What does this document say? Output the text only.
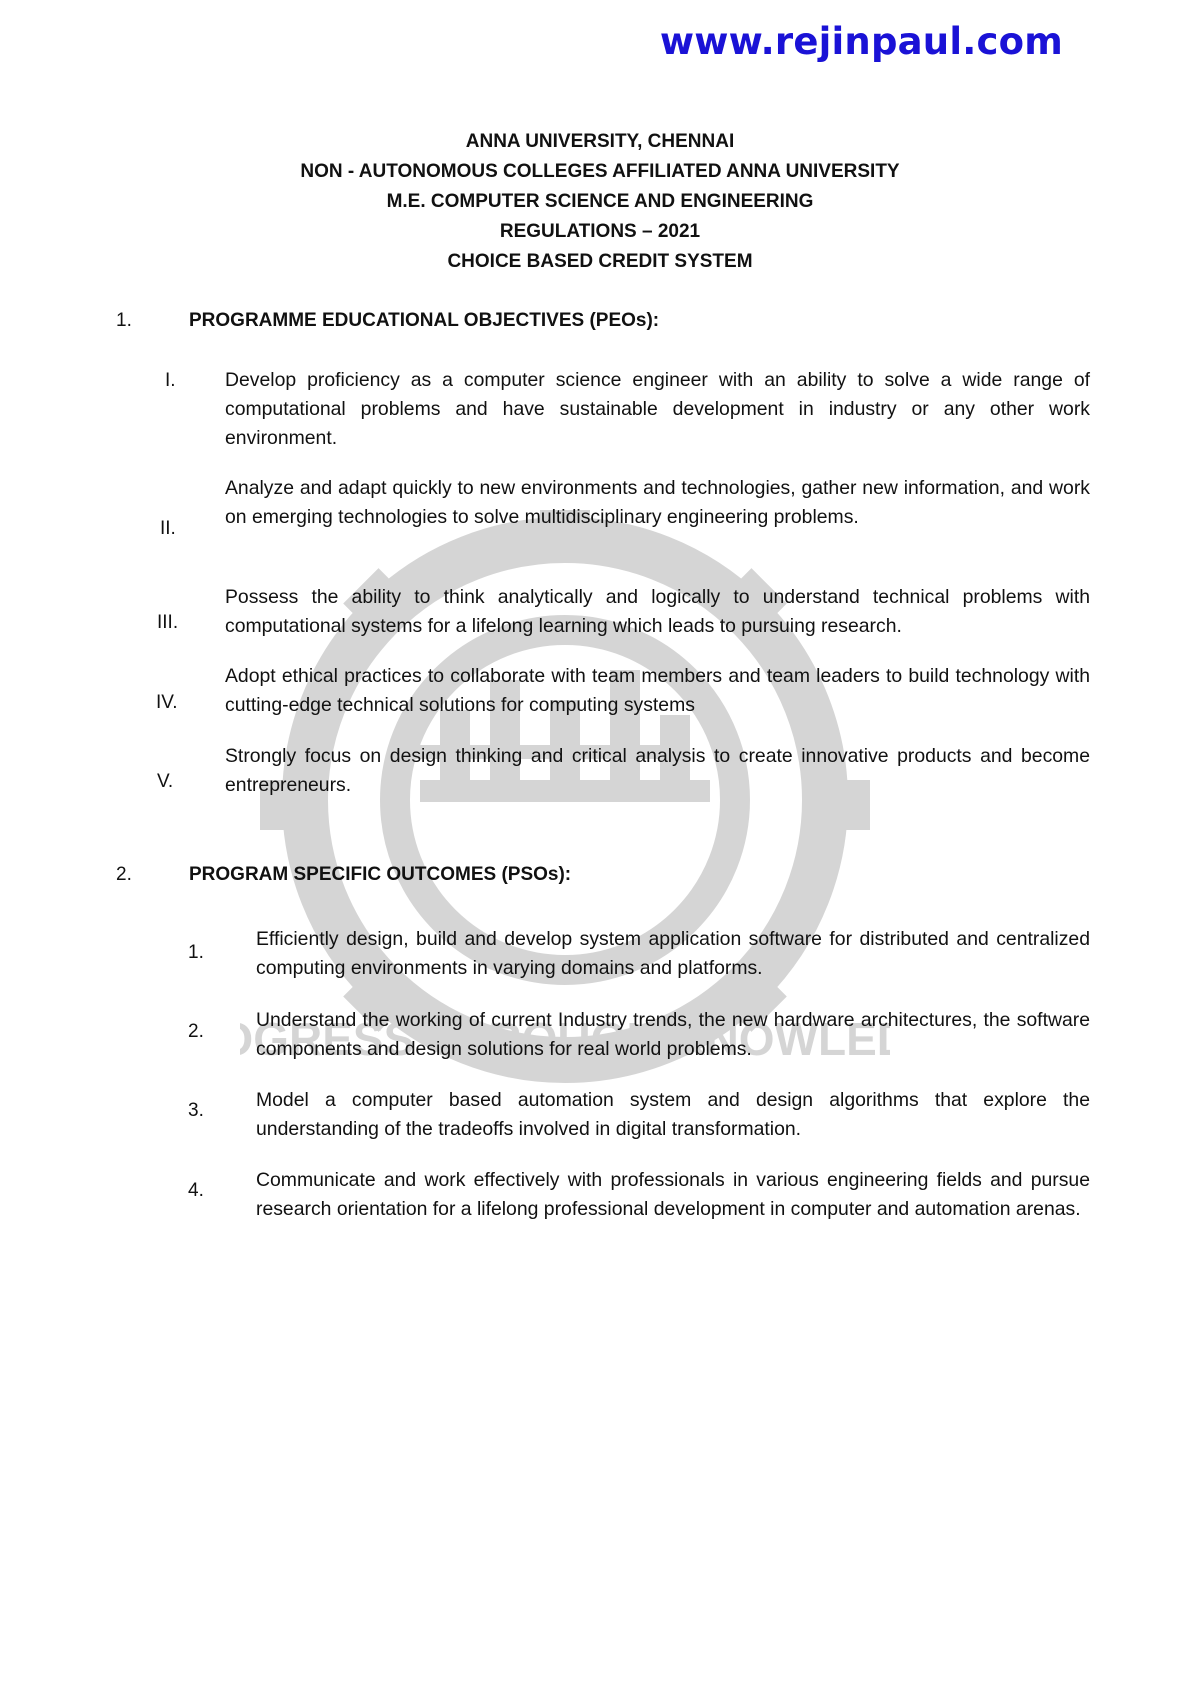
www.rejinpaul.com
GRESS THROUGH KNOWLE
ANNA UNIVERSITY, CHENNAI
NON - AUTONOMOUS COLLEGES AFFILIATED ANNA UNIVERSITY
M.E. COMPUTER SCIENCE AND ENGINEERING
REGULATIONS – 2021
CHOICE BASED CREDIT SYSTEM
1.	PROGRAMME EDUCATIONAL OBJECTIVES (PEOs):
I.	Develop proficiency as a computer science engineer with an ability to solve a wide range of computational problems and have sustainable development in industry or any other work environment.
II.
Analyze and adapt quickly to new environments and technologies, gather new information, and work on emerging technologies to solve multidisciplinary engineering problems.
III.
Possess the ability to think analytically and logically to understand technical problems with computational systems for a lifelong learning which leads to pursuing research.
IV.
Adopt ethical practices to collaborate with team members and team leaders to build technology with cutting-edge technical solutions for computing systems
V.
Strongly focus on design thinking and critical analysis to create innovative products and become entrepreneurs.
2.	PROGRAM SPECIFIC OUTCOMES (PSOs):
1.
Efficiently design, build and develop system application software for distributed and centralized computing environments in varying domains and platforms.
2.
Understand the working of current Industry trends, the new hardware architectures, the software components and design solutions for real world problems.
3.	Model a computer based automation system and design algorithms that explore the understanding of the tradeoffs involved in digital transformation.
4.	Communicate and work effectively with professionals in various engineering fields and pursue research orientation for a lifelong professional development in computer and automation arenas.
